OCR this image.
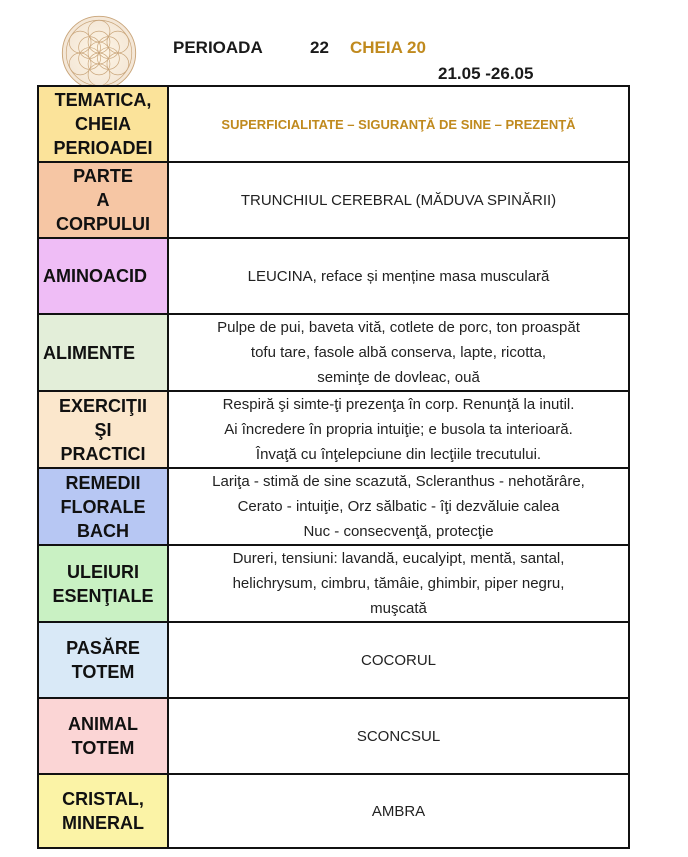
PERIOADA	22 CHEIA 20
21.05 -26.05
TEMATICA,
CHEIA
PERIOADEI	SUPERFICIALITATE – SIGURANŢĂ DE SINE – PREZENŢĂ
PARTE
A
CORPULUI	TRUNCHIUL CEREBRAL (MĂDUVA SPINĂRII)
AMINOACID	LEUCINA, reface și menține masa musculară
ALIMENTE	Pulpe de pui, baveta vită, cotlete de porc, ton proaspăt
tofu tare, fasole albă conserva, lapte, ricotta,
seminţe de dovleac, ouă
EXERCIŢII
ŞI
PRACTICI	Respiră şi simte-ţi prezenţa în corp. Renunţă la inutil.
Ai încredere în propria intuiţie; e busola ta interioară.
Învaţă cu înţelepciune din lecţiile trecutului.
REMEDII
FLORALE
BACH	Lariţa - stimă de sine scazută, Scleranthus - nehotărâre,
Cerato - intuiţie, Orz sălbatic - îţi dezvăluie calea
Nuc - consecvenţă, protecţie
ULEIURI
ESENŢIALE	Dureri, tensiuni: lavandă, eucalyipt, mentă, santal,
helichrysum, cimbru, tămâie, ghimbir, piper negru,
muşcată
PASĂRE
TOTEM	COCORUL
ANIMAL
TOTEM	SCONCSUL
CRISTAL,
MINERAL	AMBRA
